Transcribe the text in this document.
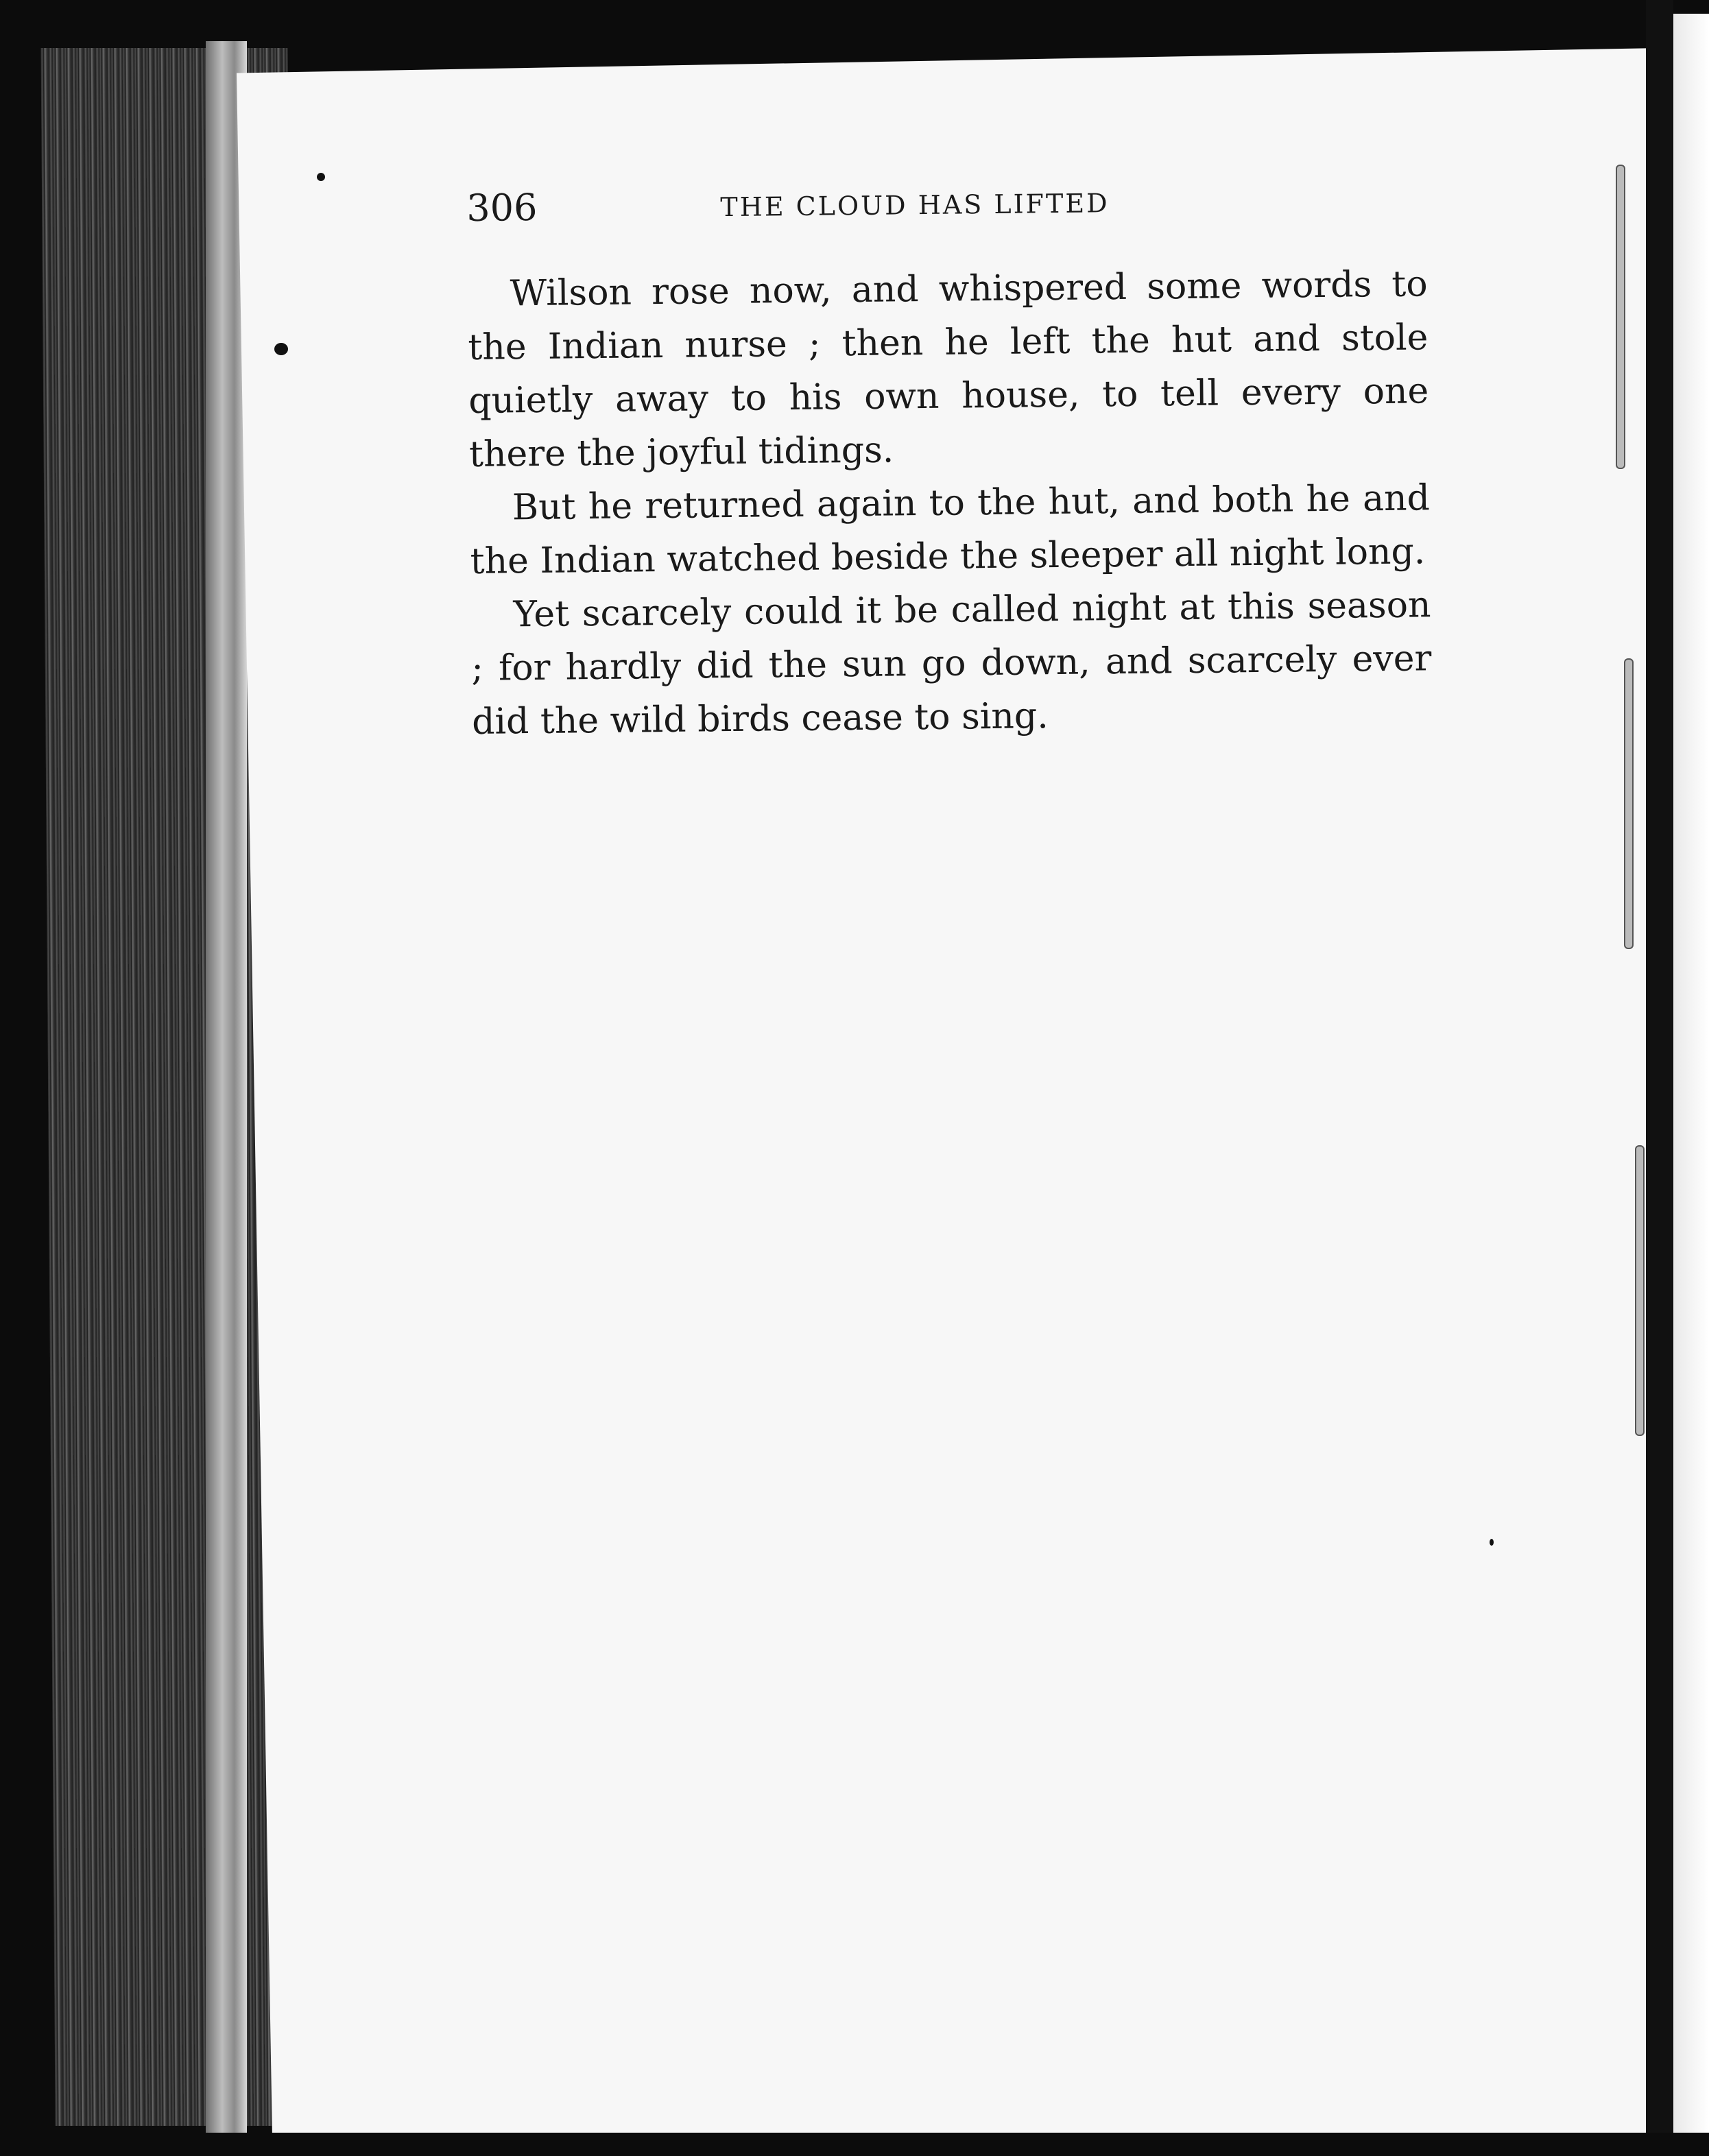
306	THE CLOUD HAS LIFTED

Wilson rose now, and whispered some words to the Indian nurse ; then he left the hut and stole quietly away to his own house, to tell every one there the joyful tidings.

But he returned again to the hut, and both he and the Indian watched beside the sleeper all night long.

Yet scarcely could it be called night at this season ; for hardly did the sun go down, and scarcely ever did the wild birds cease to sing.
